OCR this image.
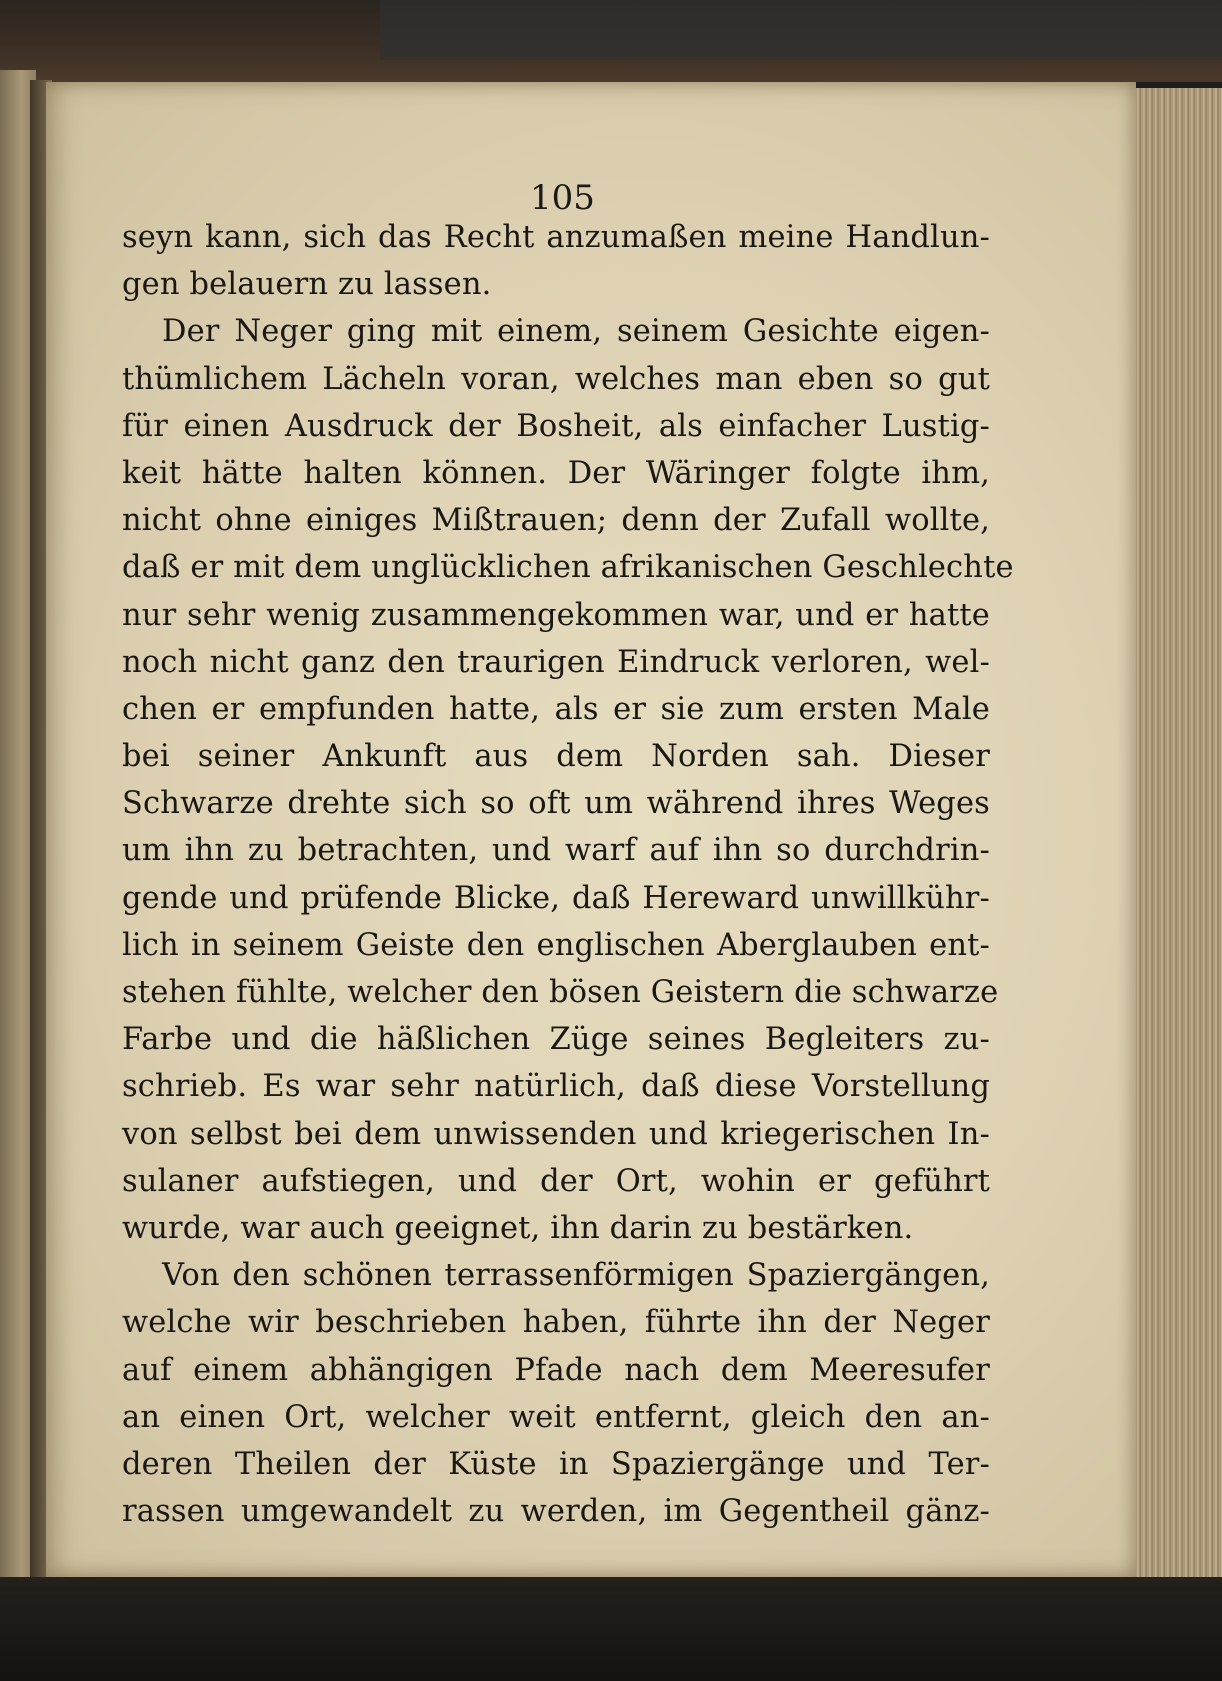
105
seyn kann, sich das Recht anzumaßen meine Handlun-
gen belauern zu lassen.
Der Neger ging mit einem, seinem Gesichte eigen-
thümlichem Lächeln voran, welches man eben so gut
für einen Ausdruck der Bosheit, als einfacher Lustig-
keit hätte halten können. Der Wäringer folgte ihm,
nicht ohne einiges Mißtrauen; denn der Zufall wollte,
daß er mit dem unglücklichen afrikanischen Geschlechte
nur sehr wenig zusammengekommen war, und er hatte
noch nicht ganz den traurigen Eindruck verloren, wel-
chen er empfunden hatte, als er sie zum ersten Male
bei seiner Ankunft aus dem Norden sah. Dieser
Schwarze drehte sich so oft um während ihres Weges
um ihn zu betrachten, und warf auf ihn so durchdrin-
gende und prüfende Blicke, daß Hereward unwillkühr-
lich in seinem Geiste den englischen Aberglauben ent-
stehen fühlte, welcher den bösen Geistern die schwarze
Farbe und die häßlichen Züge seines Begleiters zu-
schrieb. Es war sehr natürlich, daß diese Vorstellung
von selbst bei dem unwissenden und kriegerischen In-
sulaner aufstiegen, und der Ort, wohin er geführt
wurde, war auch geeignet, ihn darin zu bestärken.
Von den schönen terrassenförmigen Spaziergängen,
welche wir beschrieben haben, führte ihn der Neger
auf einem abhängigen Pfade nach dem Meeresufer
an einen Ort, welcher weit entfernt, gleich den an-
deren Theilen der Küste in Spaziergänge und Ter-
rassen umgewandelt zu werden, im Gegentheil gänz-
